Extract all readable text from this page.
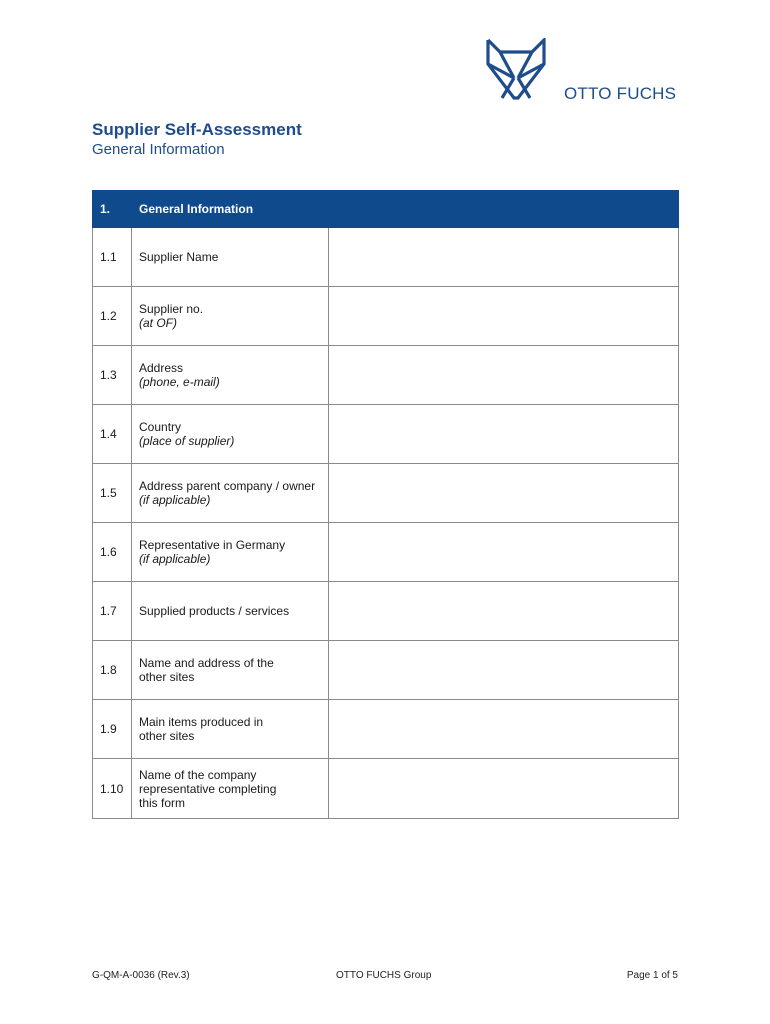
OTTO FUCHS
Supplier Self-Assessment
General Information
1.	General Information	
1.1	Supplier Name	

1.2	Supplier no.
(at OF)	

1.3	Address
(phone, e-mail)	

1.4	Country
(place of supplier)	

1.5	Address parent company / owner
(if applicable)	

1.6	Representative in Germany
(if applicable)	

1.7	Supplied products / services	

1.8	Name and address of the
other sites	

1.9	Main items produced in
other sites	

1.10	Name of the company
representative completing
this form	

G-QM-A-0036 (Rev.3)	OTTO FUCHS Group	Page 1 of 5
